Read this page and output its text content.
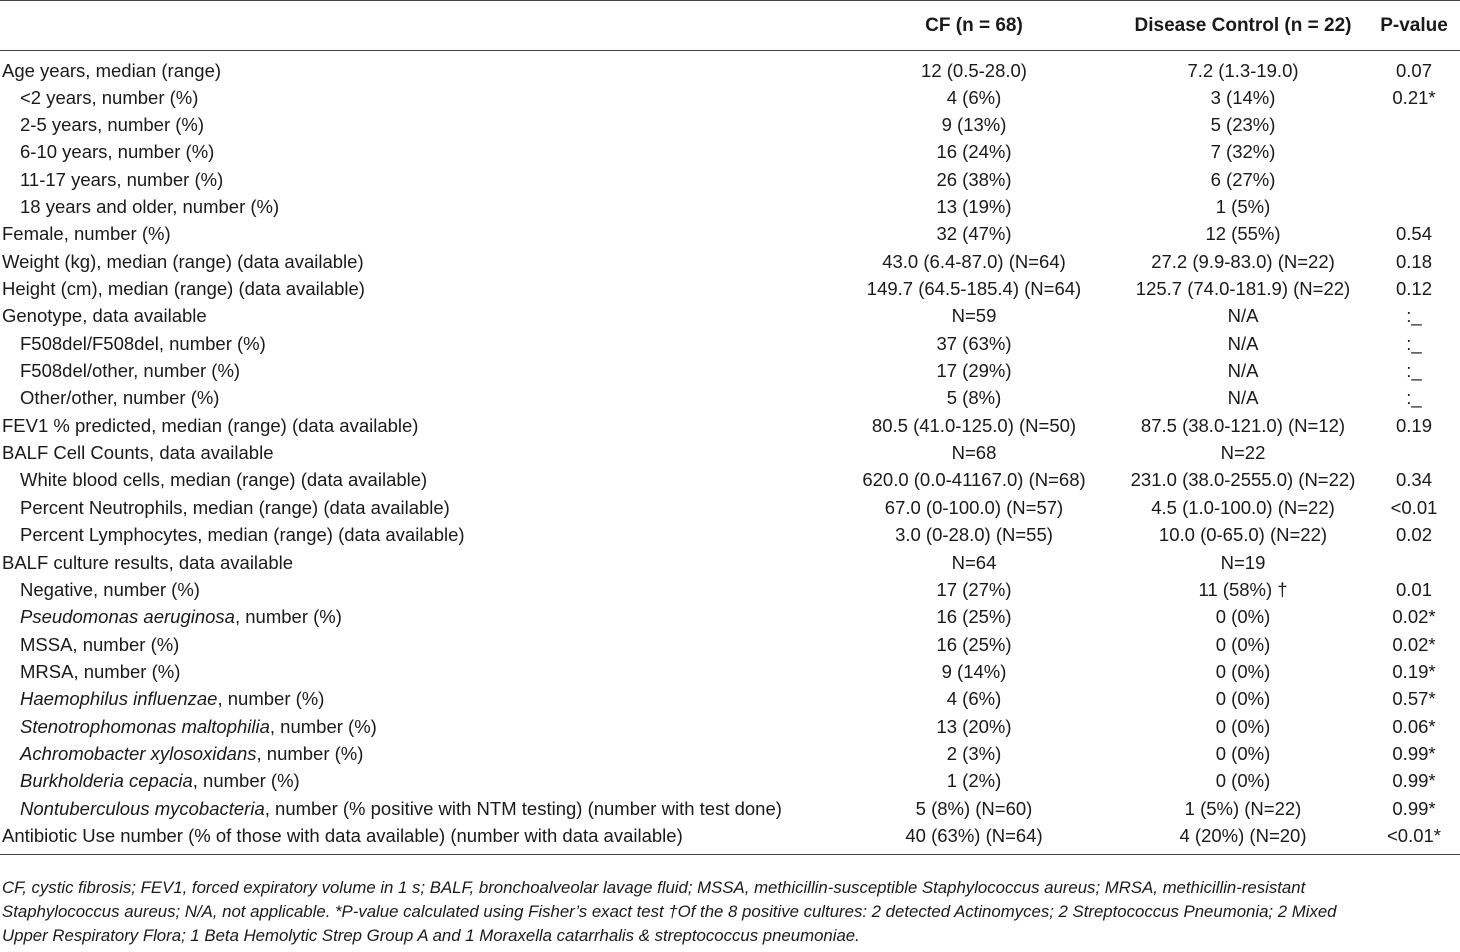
	CF (n = 68)	Disease Control (n = 22)	P-value
Age years, median (range)	12 (0.5-28.0)	7.2 (1.3-19.0)	0.07
<2 years, number (%)	4 (6%)	3 (14%)	0.21*
2-5 years, number (%)	9 (13%)	5 (23%)	
6-10 years, number (%)	16 (24%)	7 (32%)	
11-17 years, number (%)	26 (38%)	6 (27%)	
18 years and older, number (%)	13 (19%)	1 (5%)	
Female, number (%)	32 (47%)	12 (55%)	0.54
Weight (kg), median (range) (data available)	43.0 (6.4-87.0) (N=64)	27.2 (9.9-83.0) (N=22)	0.18
Height (cm), median (range) (data available)	149.7 (64.5-185.4) (N=64)	125.7 (74.0-181.9) (N=22)	0.12
Genotype, data available	N=59	N/A	:_
F508del/F508del, number (%)	37 (63%)	N/A	:_
F508del/other, number (%)	17 (29%)	N/A	:_
Other/other, number (%)	5 (8%)	N/A	:_
FEV1 % predicted, median (range) (data available)	80.5 (41.0-125.0) (N=50)	87.5 (38.0-121.0) (N=12)	0.19
BALF Cell Counts, data available	N=68	N=22	
White blood cells, median (range) (data available)	620.0 (0.0-41167.0) (N=68)	231.0 (38.0-2555.0) (N=22)	0.34
Percent Neutrophils, median (range) (data available)	67.0 (0-100.0) (N=57)	4.5 (1.0-100.0) (N=22)	<0.01
Percent Lymphocytes, median (range) (data available)	3.0 (0-28.0) (N=55)	10.0 (0-65.0) (N=22)	0.02
BALF culture results, data available	N=64	N=19	
Negative, number (%)	17 (27%)	11 (58%) †	0.01
Pseudomonas aeruginosa, number (%)	16 (25%)	0 (0%)	0.02*
MSSA, number (%)	16 (25%)	0 (0%)	0.02*
MRSA, number (%)	9 (14%)	0 (0%)	0.19*
Haemophilus influenzae, number (%)	4 (6%)	0 (0%)	0.57*
Stenotrophomonas maltophilia, number (%)	13 (20%)	0 (0%)	0.06*
Achromobacter xylosoxidans, number (%)	2 (3%)	0 (0%)	0.99*
Burkholderia cepacia, number (%)	1 (2%)	0 (0%)	0.99*
Nontuberculous mycobacteria, number (% positive with NTM testing) (number with test done)	5 (8%) (N=60)	1 (5%) (N=22)	0.99*
Antibiotic Use number (% of those with data available) (number with data available)	40 (63%) (N=64)	4 (20%) (N=20)	<0.01*

CF, cystic fibrosis; FEV1, forced expiratory volume in 1 s; BALF, bronchoalveolar lavage fluid; MSSA, methicillin-susceptible Staphylococcus aureus; MRSA, methicillin-resistant

Staphylococcus aureus; N/A, not applicable. *P-value calculated using Fisher’s exact test †Of the 8 positive cultures: 2 detected Actinomyces; 2 Streptococcus Pneumonia; 2 Mixed

Upper Respiratory Flora; 1 Beta Hemolytic Strep Group A and 1 Moraxella catarrhalis & streptococcus pneumoniae.
